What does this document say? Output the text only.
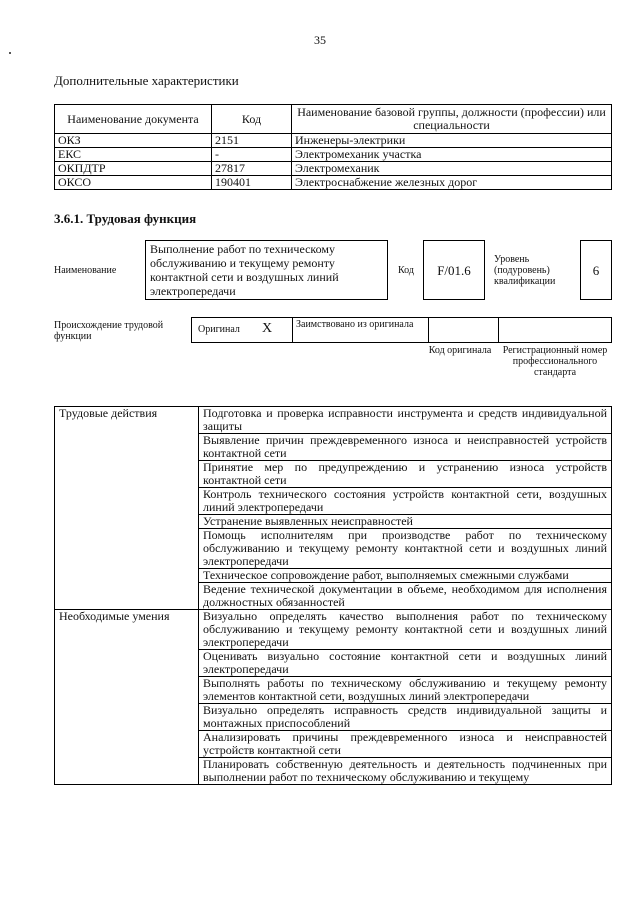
35
Дополнительные характеристики
Наименование документа	Код	Наименование базовой группы, должности (профессии) или специальности
ОКЗ	2151	Инженеры-электрики
ЕКС	-	Электромеханик участка
ОКПДТР	27817	Электромеханик
ОКСО	190401	Электроснабжение железных дорог
3.6.1. Трудовая функция
Наименование
Выполнение работ по техническому обслуживанию и текущему ремонту контактной сети и воздушных линий электропередачи
Код	F/01.6
Уровень (подуровень) квалификации
6
Происхождение трудовой функции
Оригинал X Заимствовано из оригинала
Код оригинала	Регистрационный номер профессионального стандарта
Трудовые действия	Подготовка и проверка исправности инструмента и средств индивидуальной защиты
	Выявление причин преждевременного износа и неисправностей устройств контактной сети
	Принятие мер по предупреждению и устранению износа устройств контактной сети
	Контроль технического состояния устройств контактной сети, воздушных линий электропередачи
	Устранение выявленных неисправностей
	Помощь исполнителям при производстве работ по техническому обслуживанию и текущему ремонту контактной сети и воздушных линий электропередачи
	Техническое сопровождение работ, выполняемых смежными службами
	Ведение технической документации в объеме, необходимом для исполнения должностных обязанностей
Необходимые умения	Визуально определять качество выполнения работ по техническому обслуживанию и текущему ремонту контактной сети и воздушных линий электропередачи
	Оценивать визуально состояние контактной сети и воздушных линий электропередачи
	Выполнять работы по техническому обслуживанию и текущему ремонту элементов контактной сети, воздушных линий электропередачи
	Визуально определять исправность средств индивидуальной защиты и монтажных приспособлений
	Анализировать причины преждевременного износа и неисправностей устройств контактной сети
	Планировать собственную деятельность и деятельность подчиненных при выполнении работ по техническому обслуживанию и текущему
